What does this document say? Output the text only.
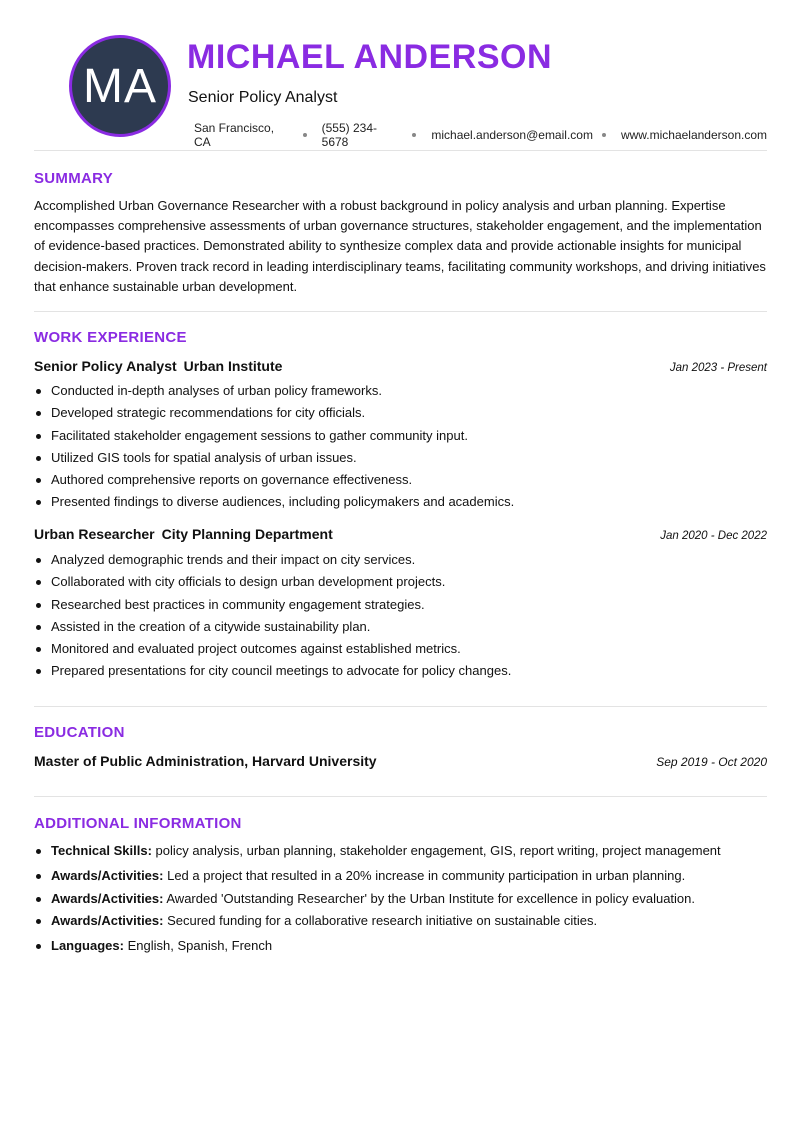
MA
MICHAEL ANDERSON
Senior Policy Analyst
San Francisco, CA
(555) 234-5678	michael.anderson@email.com www.michaelanderson.com
SUMMARY
Accomplished Urban Governance Researcher with a robust background in policy analysis and urban planning. Expertise encompasses comprehensive assessments of urban governance structures, stakeholder engagement, and the implementation of evidence-based practices. Demonstrated ability to synthesize complex data and provide actionable insights for municipal decision-makers. Proven track record in leading interdisciplinary teams, facilitating community workshops, and driving initiatives that enhance sustainable urban development.
WORK EXPERIENCE
Senior Policy Analyst Urban Institute	Jan 2023 - Present
Conducted in-depth analyses of urban policy frameworks.
Developed strategic recommendations for city officials.
Facilitated stakeholder engagement sessions to gather community input.
Utilized GIS tools for spatial analysis of urban issues.
Authored comprehensive reports on governance effectiveness.
Presented findings to diverse audiences, including policymakers and academics.
Urban Researcher City Planning Department	Jan 2020 - Dec 2022
Analyzed demographic trends and their impact on city services.
Collaborated with city officials to design urban development projects.
Researched best practices in community engagement strategies.
Assisted in the creation of a citywide sustainability plan.
Monitored and evaluated project outcomes against established metrics.
Prepared presentations for city council meetings to advocate for policy changes.
EDUCATION
Master of Public Administration, Harvard University	Sep 2019 - Oct 2020
ADDITIONAL INFORMATION
Technical Skills: policy analysis, urban planning, stakeholder engagement, GIS, report writing, project management
Awards/Activities: Led a project that resulted in a 20% increase in community participation in urban planning.
Awards/Activities: Awarded 'Outstanding Researcher' by the Urban Institute for excellence in policy evaluation.
Awards/Activities: Secured funding for a collaborative research initiative on sustainable cities.
Languages: English, Spanish, French
